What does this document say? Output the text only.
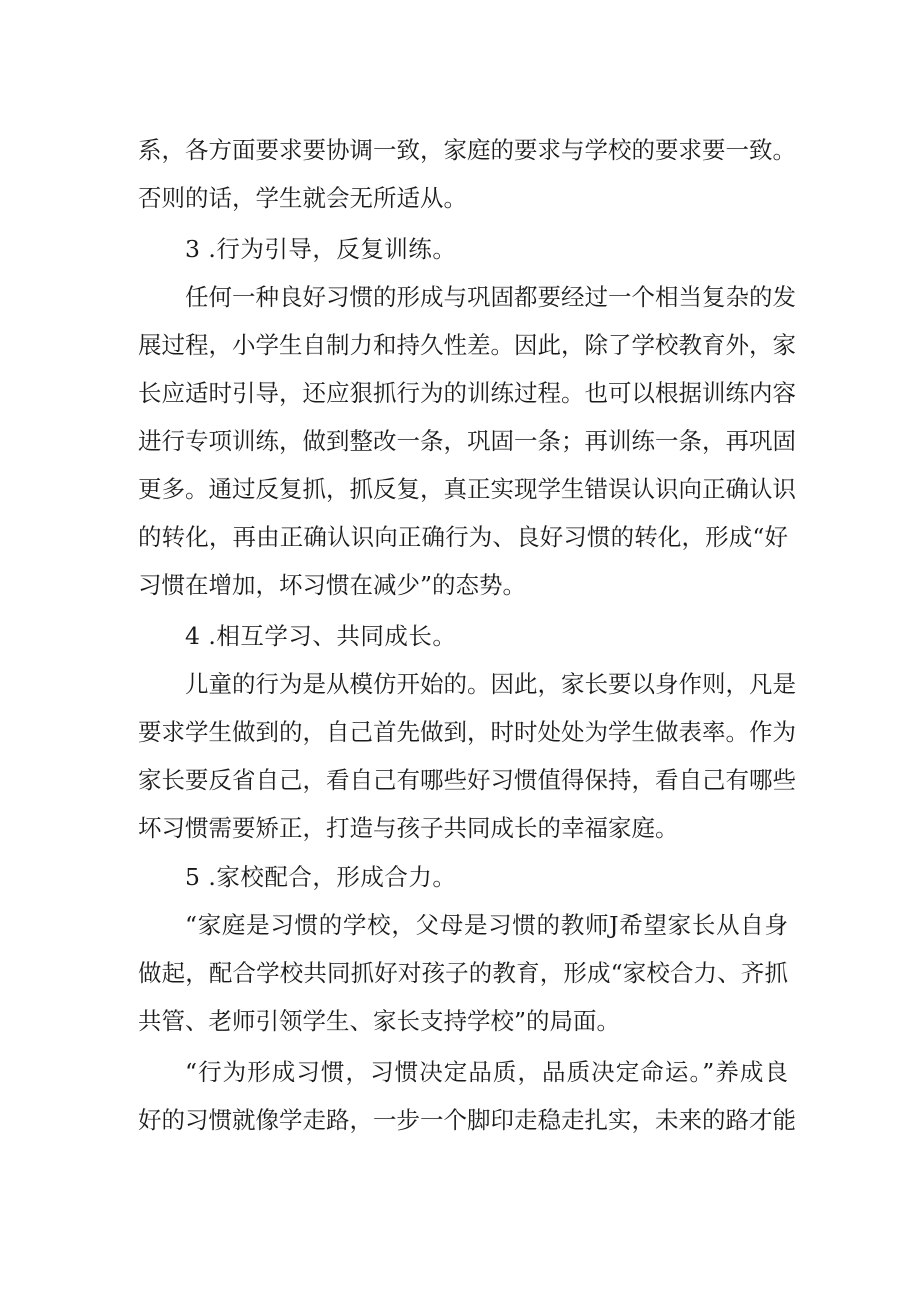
系，各方面要求要协调一致，家庭的要求与学校的要求要一致。
否则的话，学生就会无所适从。
3 .行为引导，反复训练。
任何一种良好习惯的形成与巩固都要经过一个相当复杂的发
展过程，小学生自制力和持久性差。因此，除了学校教育外，家
长应适时引导，还应狠抓行为的训练过程。也可以根据训练内容
进行专项训练，做到整改一条，巩固一条；再训练一条，再巩固
更多。通过反复抓，抓反复，真正实现学生错误认识向正确认识
的转化，再由正确认识向正确行为、良好习惯的转化，形成“好
习惯在增加，坏习惯在减少”的态势。
4 .相互学习、共同成长。
儿童的行为是从模仿开始的。因此，家长要以身作则，凡是
要求学生做到的，自己首先做到，时时处处为学生做表率。作为
家长要反省自己，看自己有哪些好习惯值得保持，看自己有哪些
坏习惯需要矫正，打造与孩子共同成长的幸福家庭。
5 .家校配合，形成合力。
“家庭是习惯的学校，父母是习惯的教师J希望家长从自身
做起，配合学校共同抓好对孩子的教育，形成“家校合力、齐抓
共管、老师引领学生、家长支持学校”的局面。
“行为形成习惯，习惯决定品质，品质决定命运。”养成良
好的习惯就像学走路，一步一个脚印走稳走扎实，未来的路才能
